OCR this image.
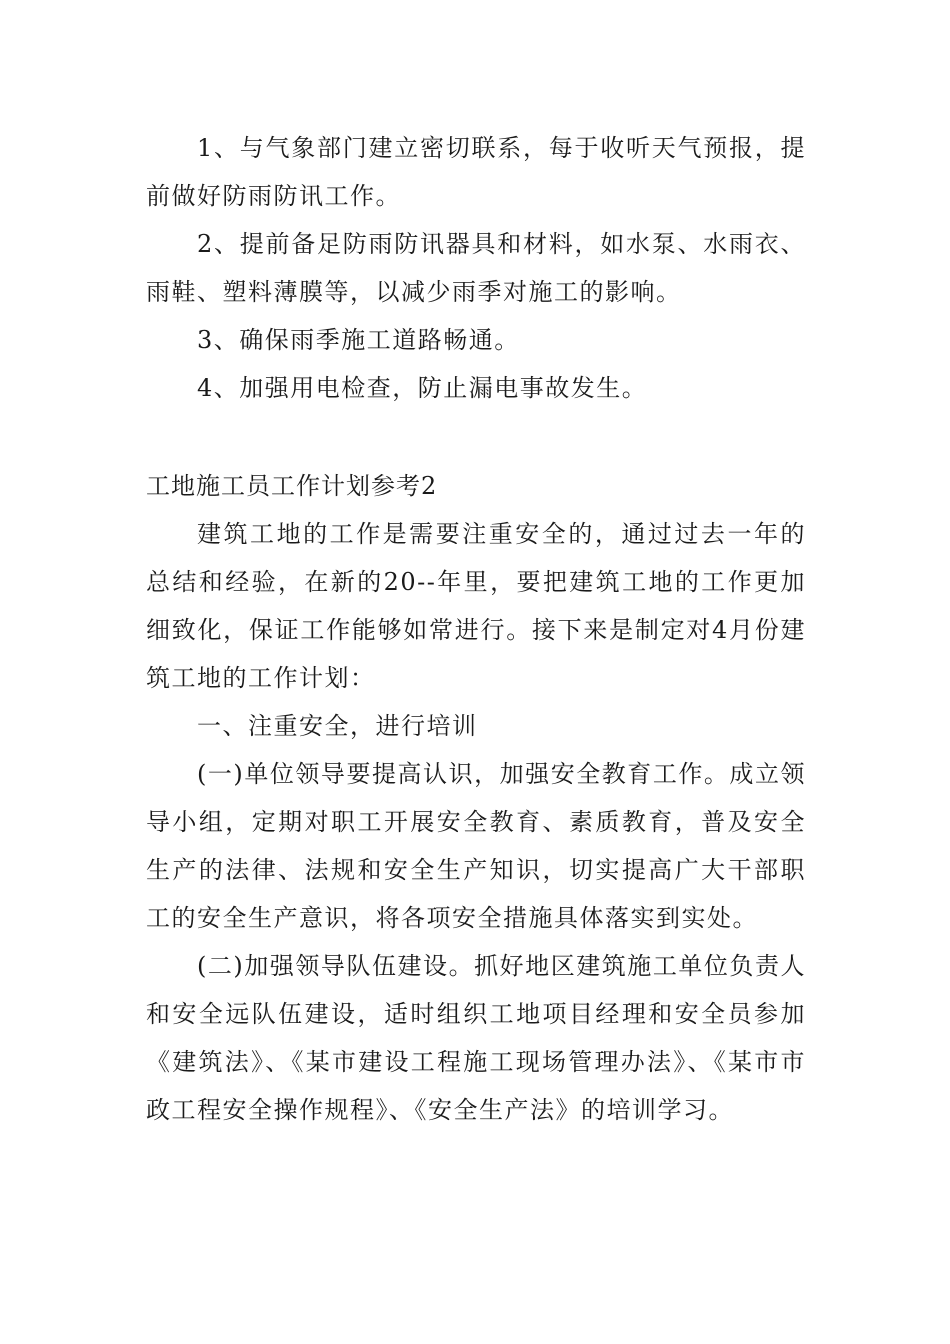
1、与气象部门建立密切联系，每于收听天气预报，提前做好防雨防讯工作。

2、提前备足防雨防讯器具和材料，如水泵、水雨衣、雨鞋、塑料薄膜等，以减少雨季对施工的影响。

3、确保雨季施工道路畅通。

4、加强用电检查，防止漏电事故发生。

工地施工员工作计划参考2

建筑工地的工作是需要注重安全的，通过过去一年的总结和经验，在新的20--年里，要把建筑工地的工作更加细致化，保证工作能够如常进行。接下来是制定对4月份建筑工地的工作计划：

一、注重安全，进行培训

(一)单位领导要提高认识，加强安全教育工作。成立领导小组，定期对职工开展安全教育、素质教育，普及安全生产的法律、法规和安全生产知识，切实提高广大干部职工的安全生产意识，将各项安全措施具体落实到实处。

(二)加强领导队伍建设。抓好地区建筑施工单位负责人和安全远队伍建设，适时组织工地项目经理和安全员参加《建筑法》、《某市建设工程施工现场管理办法》、《某市市政工程安全操作规程》、《安全生产法》的培训学习。
